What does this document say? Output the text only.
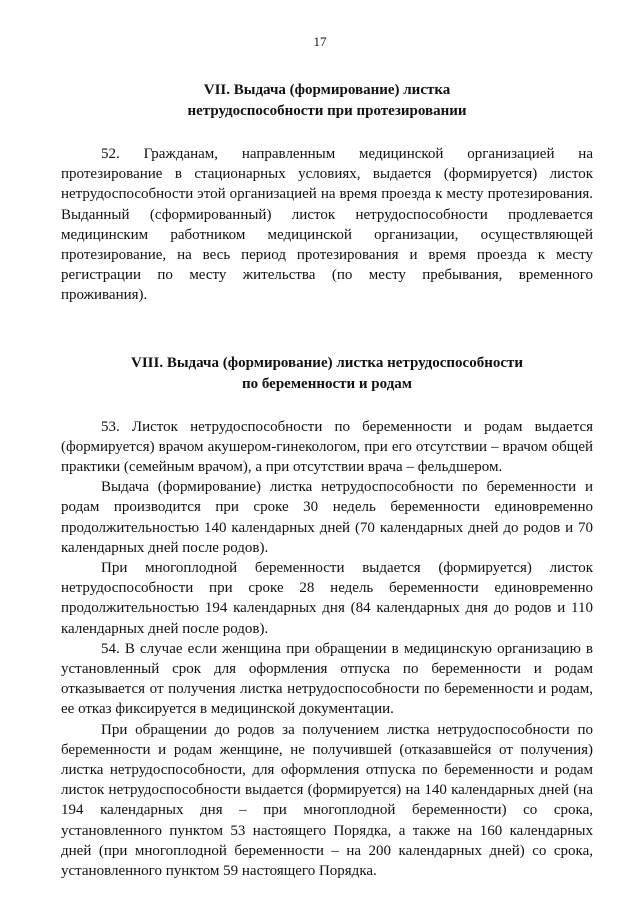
17
VII. Выдача (формирование) листка
нетрудоспособности при протезировании

52. Гражданам, направленным медицинской организацией на протезирование в стационарных условиях, выдается (формируется) листок нетрудоспособности этой организацией на время проезда к месту протезирования. Выданный (сформированный) листок нетрудоспособности продлевается медицинским работником медицинской организации, осуществляющей протезирование, на весь период протезирования и время проезда к месту регистрации по месту жительства (по месту пребывания, временного проживания).

VIII. Выдача (формирование) листка нетрудоспособности
по беременности и родам

53. Листок нетрудоспособности по беременности и родам выдается (формируется) врачом акушером-гинекологом, при его отсутствии – врачом общей практики (семейным врачом), а при отсутствии врача – фельдшером.

Выдача (формирование) листка нетрудоспособности по беременности и родам производится при сроке 30 недель беременности единовременно продолжительностью 140 календарных дней (70 календарных дней до родов и 70 календарных дней после родов).

При многоплодной беременности выдается (формируется) листок нетрудоспособности при сроке 28 недель беременности единовременно продолжительностью 194 календарных дня (84 календарных дня до родов и 110 календарных дней после родов).

54. В случае если женщина при обращении в медицинскую организацию в установленный срок для оформления отпуска по беременности и родам отказывается от получения листка нетрудоспособности по беременности и родам, ее отказ фиксируется в медицинской документации.

При обращении до родов за получением листка нетрудоспособности по беременности и родам женщине, не получившей (отказавшейся от получения) листка нетрудоспособности, для оформления отпуска по беременности и родам листок нетрудоспособности выдается (формируется) на 140 календарных дней (на 194 календарных дня – при многоплодной беременности) со срока, установленного пунктом 53 настоящего Порядка, а также на 160 календарных дней (при многоплодной беременности – на 200 календарных дней) со срока, установленного пунктом 59 настоящего Порядка.
